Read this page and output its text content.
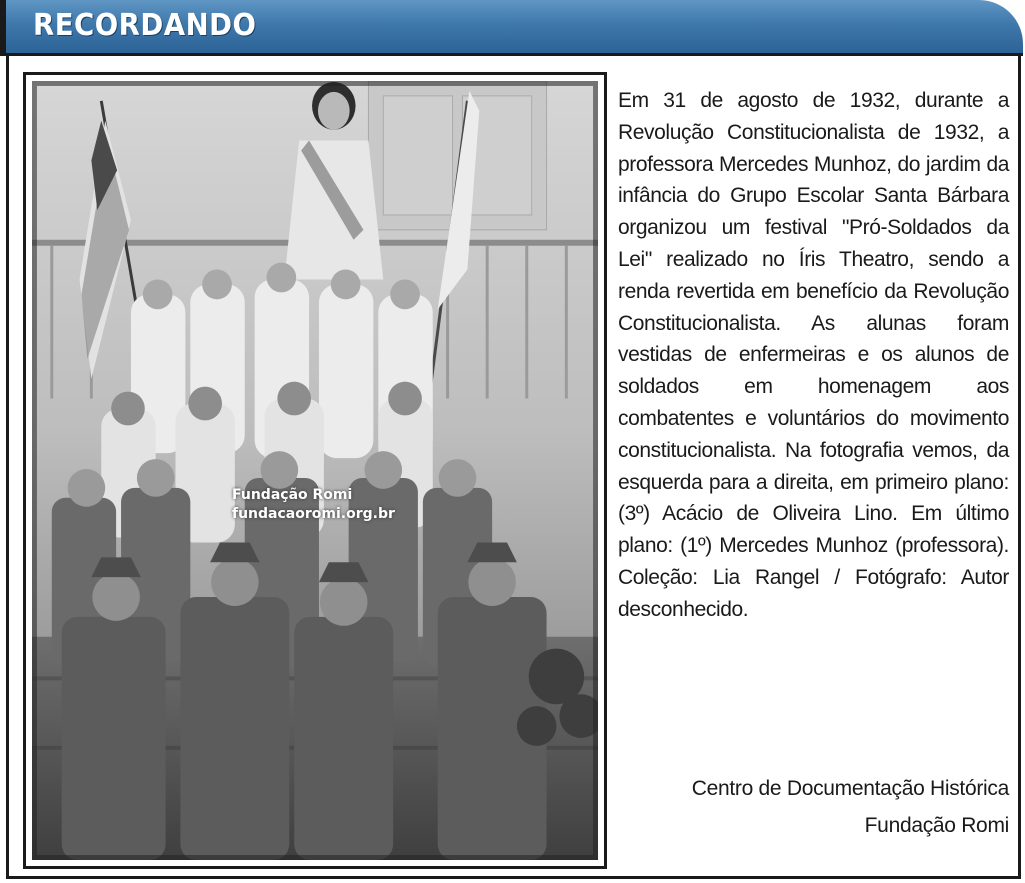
RECORDANDO
Fundação Romi
fundacaoromi.org.br
Em 31 de agosto de 1932, durante a Revolução Constitucionalista de 1932, a professora Mercedes Munhoz, do jardim da infância do Grupo Escolar Santa Bárbara organizou um festival "Pró-Soldados da Lei" realizado no Íris Theatro, sendo a renda revertida em benefício da Revolução Constitucionalista. As alunas foram vestidas de enfermeiras e os alunos de soldados em homenagem aos combatentes e voluntários do movimento constitucionalista. Na fotografia vemos, da esquerda para a direita, em primeiro plano: (3º) Acácio de Oliveira Lino. Em último plano: (1º) Mercedes Munhoz (professora). Coleção: Lia Rangel / Fotógrafo: Autor desconhecido.
Centro de Documentação Histórica
Fundação Romi
